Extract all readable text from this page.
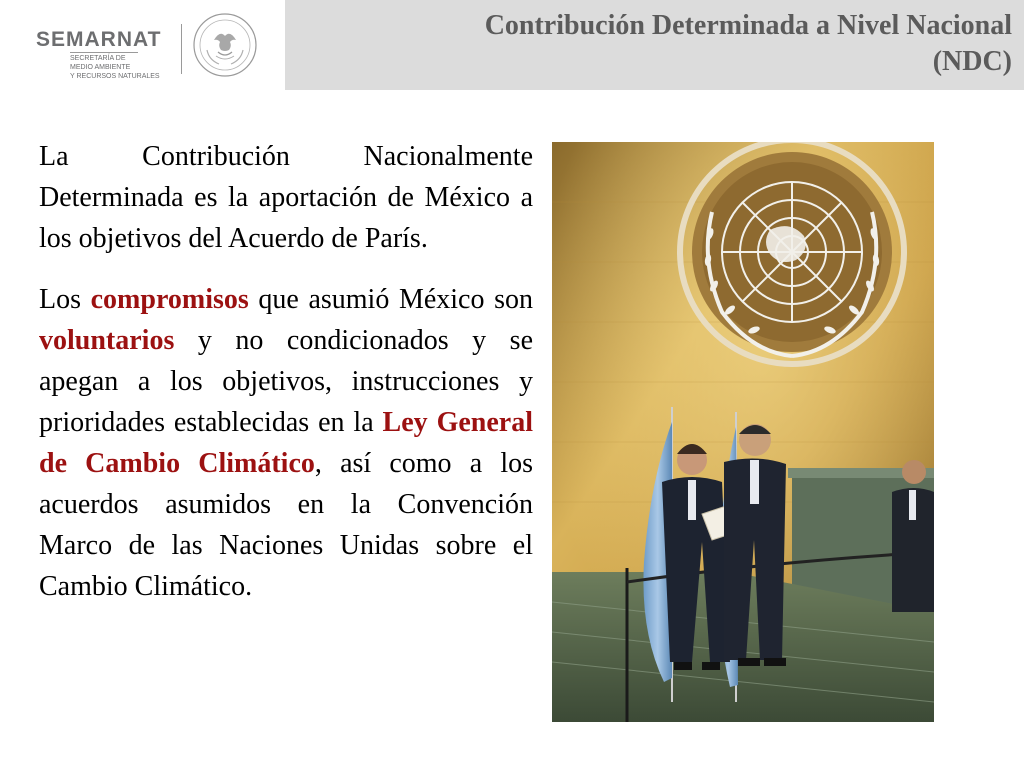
SEMARNAT
SECRETARÍA DE
MEDIO AMBIENTE
Y RECURSOS NATURALES
Contribución Determinada a Nivel Nacional
(NDC)

La Contribución Nacionalmente Determinada es la aportación de México a los objetivos del Acuerdo de París.

Los compromisos que asumió México son voluntarios y no condicionados y se apegan a los objetivos, instrucciones y prioridades establecidas en la Ley General de Cambio Climático, así como a los acuerdos asumidos en la Convención Marco de las Naciones Unidas sobre el Cambio Climático.
